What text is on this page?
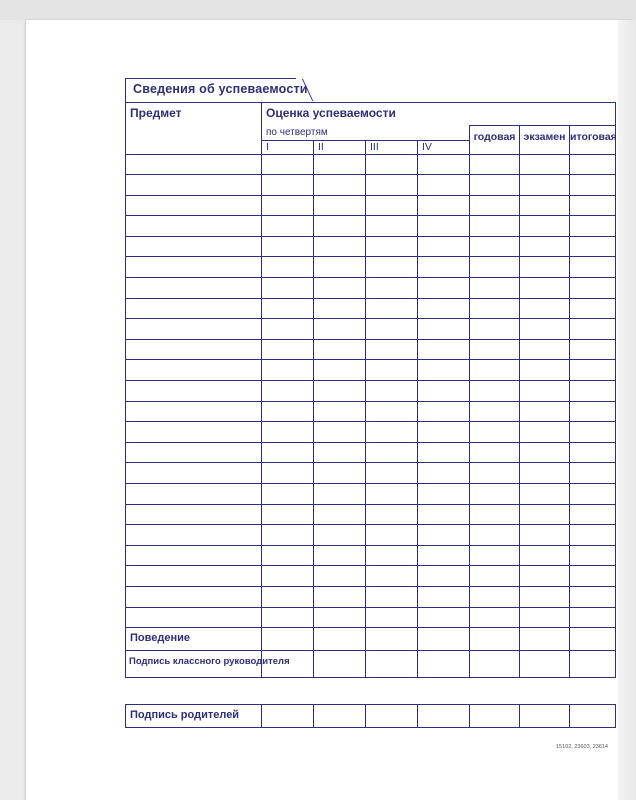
Сведения об успеваемости
Предмет	Оценка успеваемости						

	по четвертям				годовая	экзамен	итоговая

	I	II	III	IV			

Поведение							

Подпись классного руководителя							

Подпись родителей

15102, 23603, 23614
